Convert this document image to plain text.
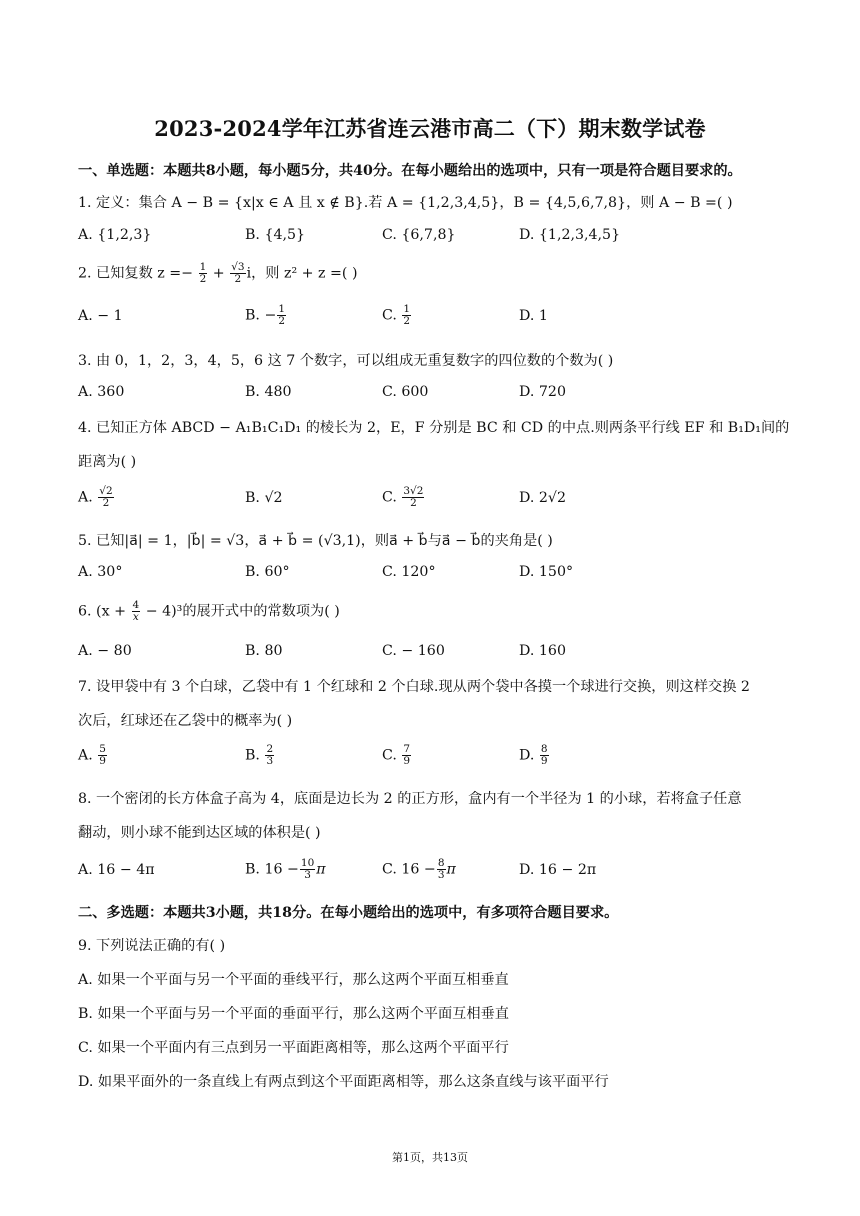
2023-2024学年江苏省连云港市高二（下）期末数学试卷
一、单选题：本题共8小题，每小题5分，共40分。在每小题给出的选项中，只有一项是符合题目要求的。
1. 定义：集合 A − B = {x|x ∈ A 且 x ∉ B}.若 A = {1,2,3,4,5}，B = {4,5,6,7,8}，则 A − B =( )
A. {1,2,3}	B. {4,5}	C. {6,7,8}	D. {1,2,3,4,5}
2. 已知复数 $z =- \frac{1}{2} + \frac{√3}{2}$ i，则 z² + z =( )
A. − 1	B. − $\frac{1}{2}$	C. $\frac{1}{2}$	D. 1
3. 由 0，1，2，3，4，5，6 这 7 个数字，可以组成无重复数字的四位数的个数为( )
A. 360	B. 480	C. 600	D. 720
4. 已知正方体 ABCD − A₁B₁C₁D₁ 的棱长为 2，E，F 分别是 BC 和 CD 的中点.则两条平行线 EF 和 B₁D₁间的
距离为( )
A. $\frac{√2}{2}$	B. √2	C. $\frac{3√2}{2}$	D. 2√2
5. 已知|a⃗| = 1，|b⃗| = √3，a⃗ + b⃗ = (√3,1)，则a⃗ + b⃗与a⃗ − b⃗的夹角是( )
A. 30°	B. 60°	C. 120°	D. 150°
6. $(x + \frac{4}{x} - 4)^3$的展开式中的常数项为( )
A. − 80	B. 80	C. − 160	D. 160
7. 设甲袋中有 3 个白球，乙袋中有 1 个红球和 2 个白球.现从两个袋中各摸一个球进行交换，则这样交换 2
次后，红球还在乙袋中的概率为( )
A. $\frac{5}{9}$	B. $\frac{2}{3}$	C. $\frac{7}{9}$	D. $\frac{8}{9}$
8. 一个密闭的长方体盒子高为 4，底面是边长为 2 的正方形，盒内有一个半径为 1 的小球，若将盒子任意
翻动，则小球不能到达区域的体积是( )
A. 16 − 4π	B. $16 - \frac{10}{3}$ π	C. $16 - \frac{8}{3}$ π	D. 16 − 2π
二、多选题：本题共3小题，共18分。在每小题给出的选项中，有多项符合题目要求。
9. 下列说法正确的有( )
A. 如果一个平面与另一个平面的垂线平行，那么这两个平面互相垂直
B. 如果一个平面与另一个平面的垂面平行，那么这两个平面互相垂直
C. 如果一个平面内有三点到另一平面距离相等，那么这两个平面平行
D. 如果平面外的一条直线上有两点到这个平面距离相等，那么这条直线与该平面平行
第1页，共13页
